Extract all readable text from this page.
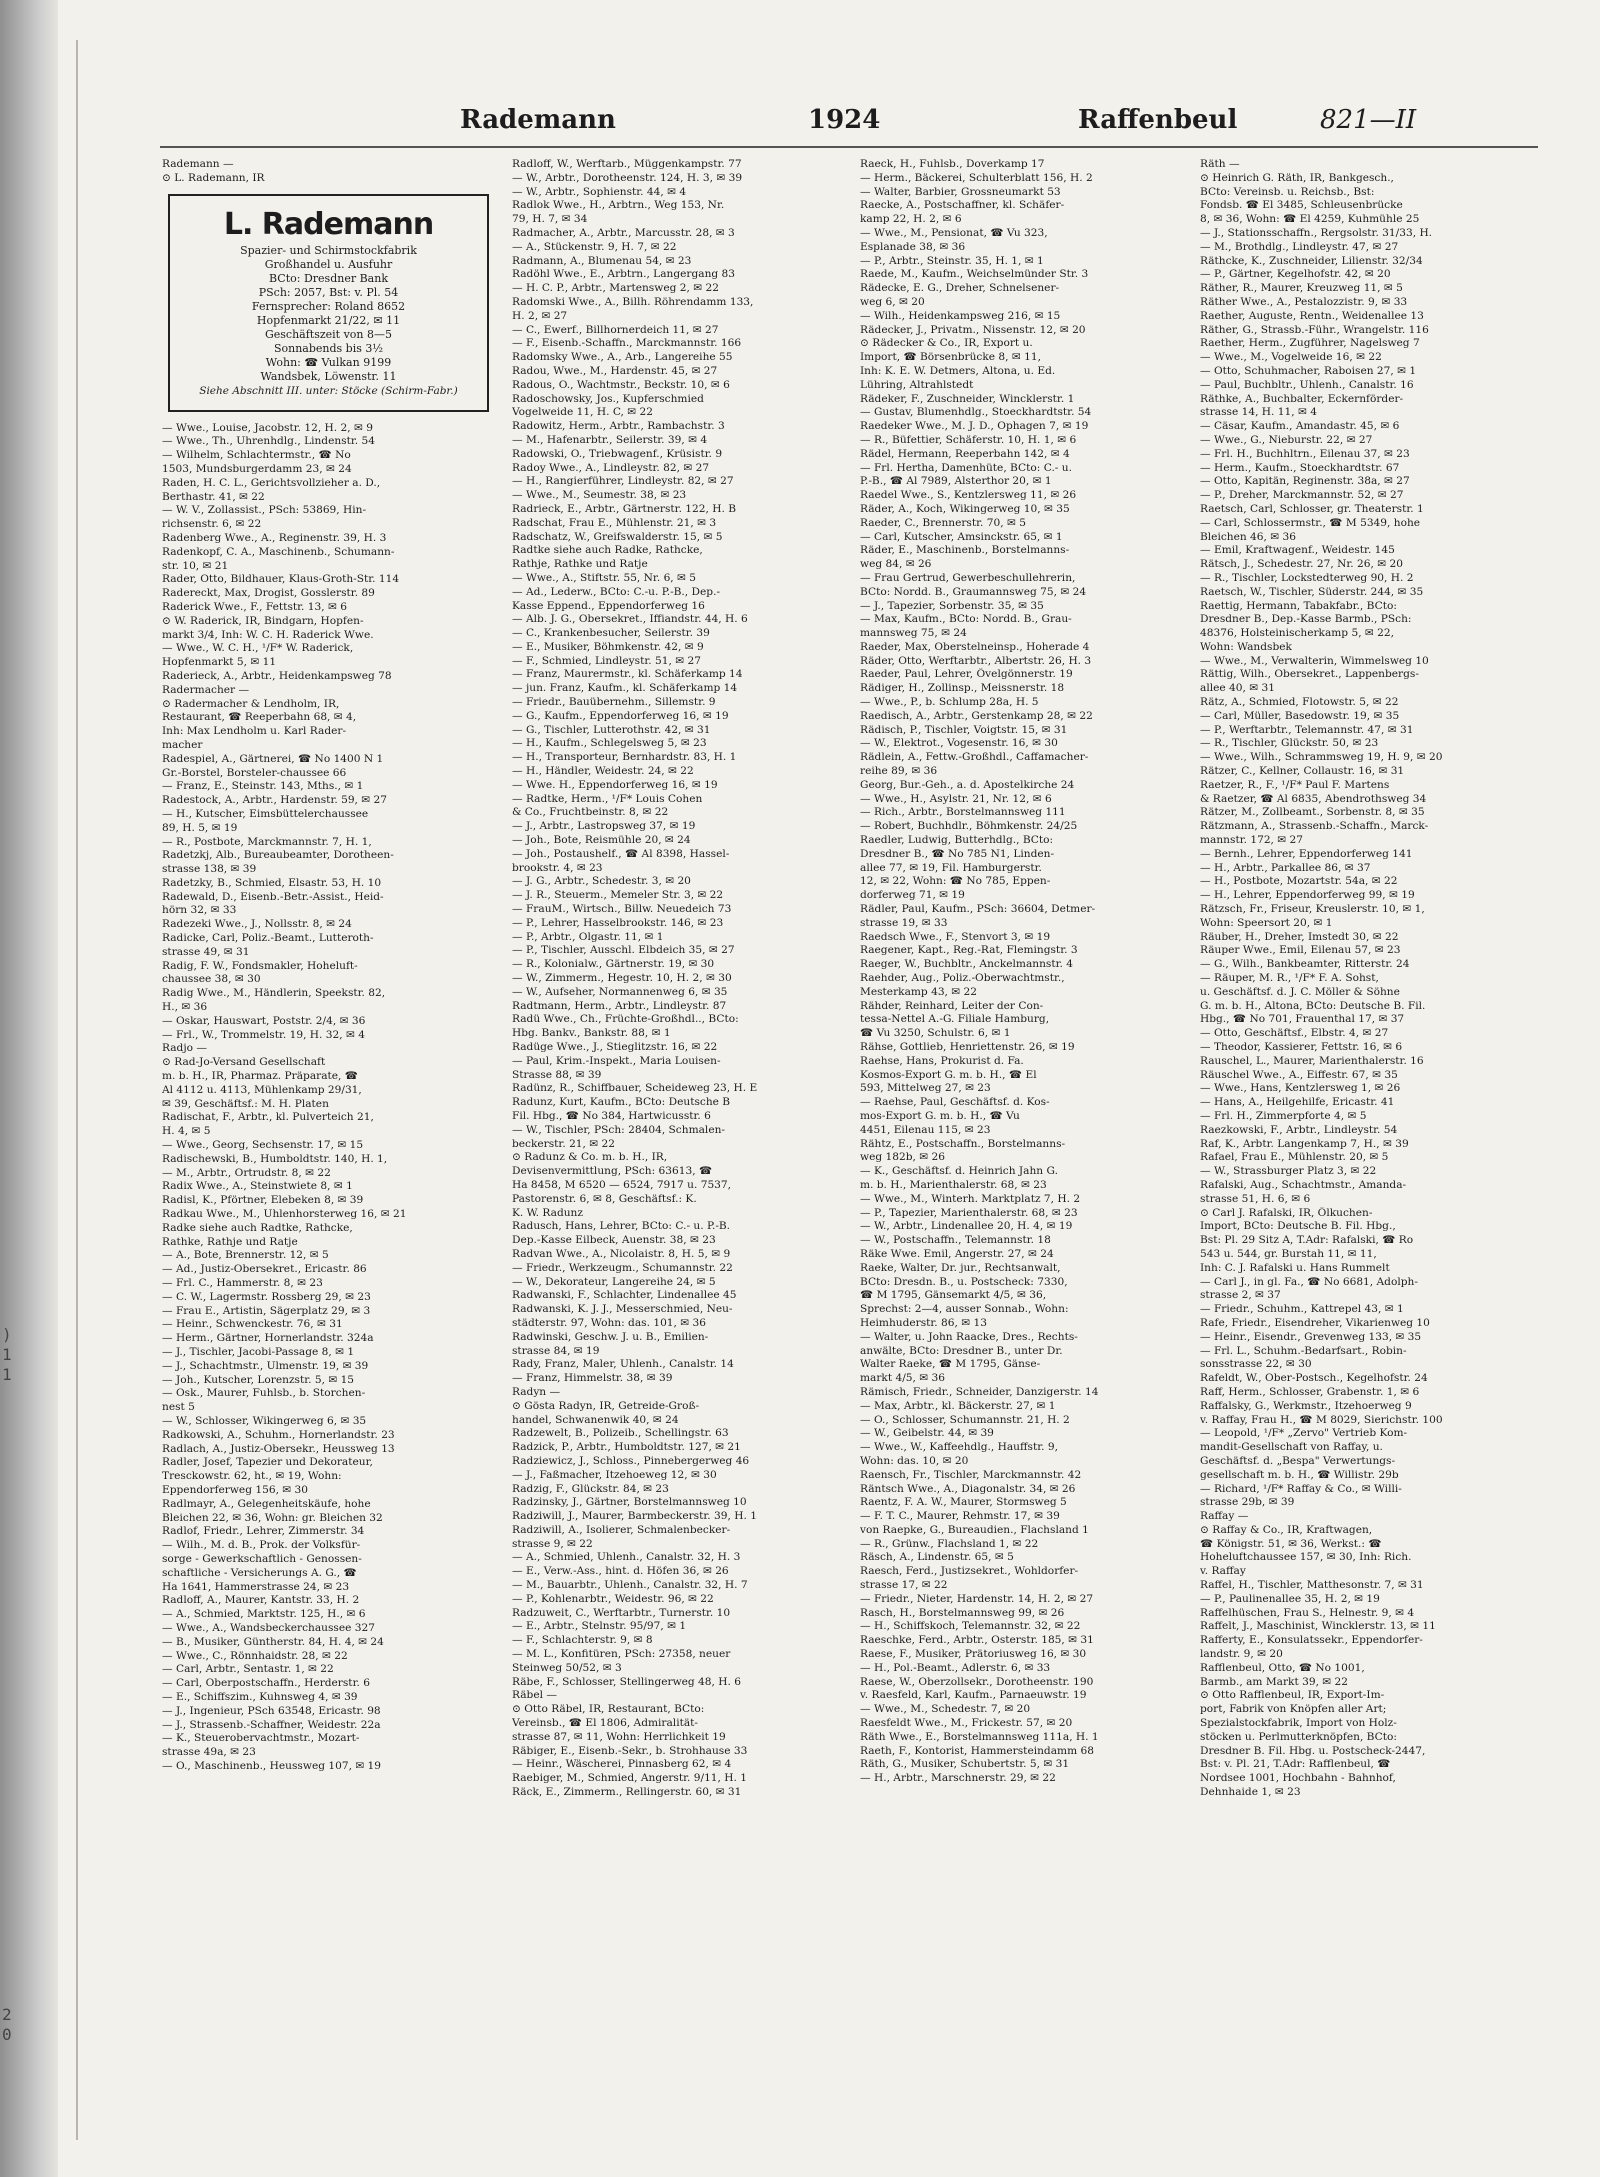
)
1
1
2
0
Rademann	1924	Raffenbeul	821—II

Rademann —

⊙ L. Rademann, IR

L. Rademann

Spazier- und Schirmstockfabrik

Großhandel u. Ausfuhr

BCto: Dresdner Bank

PSch: 2057, Bst: v. Pl. 54

Fernsprecher: Roland 8652

Hopfenmarkt 21/22, ✉ 11

Geschäftszeit von 8—5

Sonnabends bis 3½

Wohn: ☎ Vulkan 9199

Wandsbek, Löwenstr. 11

Siehe Abschnitt III. unter: Stöcke (Schirm-Fabr.)

— Wwe., Louise, Jacobstr. 12, H. 2, ✉ 9

— Wwe., Th., Uhrenhdlg., Lindenstr. 54

— Wilhelm, Schlachtermstr., ☎ No

1503, Mundsburgerdamm 23, ✉ 24

Raden, H. C. L., Gerichtsvollzieher a. D.,

Berthastr. 41, ✉ 22

— W. V., Zollassist., PSch: 53869, Hin-

richsenstr. 6, ✉ 22

Radenberg Wwe., A., Reginenstr. 39, H. 3

Radenkopf, C. A., Maschinenb., Schumann-

str. 10, ✉ 21

Rader, Otto, Bildhauer, Klaus-Groth-Str. 114

Radereckt, Max, Drogist, Gosslerstr. 89

Raderick Wwe., F., Fettstr. 13, ✉ 6

⊙ W. Raderick, IR, Bindgarn, Hopfen-

markt 3/4, Inh: W. C. H. Raderick Wwe.

— Wwe., W. C. H., ¹/F* W. Raderick,

Hopfenmarkt 5, ✉ 11

Raderieck, A., Arbtr., Heidenkampsweg 78

Radermacher —

⊙ Radermacher & Lendholm, IR,

Restaurant, ☎ Reeperbahn 68, ✉ 4,

Inh: Max Lendholm u. Karl Rader-

macher

Radespiel, A., Gärtnerei, ☎ No 1400 N 1

Gr.-Borstel, Borsteler-chaussee 66

— Franz, E., Steinstr. 143, Mths., ✉ 1

Radestock, A., Arbtr., Hardenstr. 59, ✉ 27

— H., Kutscher, Eimsbüttelerchaussee

89, H. 5, ✉ 19

— R., Postbote, Marckmannstr. 7, H. 1,

Radetzkj, Alb., Bureaubeamter, Dorotheen-

strasse 138, ✉ 39

Radetzky, B., Schmied, Elsastr. 53, H. 10

Radewald, D., Eisenb.-Betr.-Assist., Heid-

hörn 32, ✉ 33

Radezeki Wwe., J., Nollsstr. 8, ✉ 24

Radicke, Carl, Poliz.-Beamt., Lutteroth-

strasse 49, ✉ 31

Radig, F. W., Fondsmakler, Hoheluft-

chaussee 38, ✉ 30

Radig Wwe., M., Händlerin, Speekstr. 82,

H., ✉ 36

— Oskar, Hauswart, Poststr. 2/4, ✉ 36

— Frl., W., Trommelstr. 19, H. 32, ✉ 4

Radjo —

⊙ Rad-Jo-Versand Gesellschaft

m. b. H., IR, Pharmaz. Präparate, ☎

Al 4112 u. 4113, Mühlenkamp 29/31,

✉ 39, Geschäftsf.: M. H. Platen

Radischat, F., Arbtr., kl. Pulverteich 21,

H. 4, ✉ 5

— Wwe., Georg, Sechsenstr. 17, ✉ 15

Radischewski, B., Humboldtstr. 140, H. 1,

— M., Arbtr., Ortrudstr. 8, ✉ 22

Radix Wwe., A., Steinstwiete 8, ✉ 1

Radisl, K., Pförtner, Elebeken 8, ✉ 39

Radkau Wwe., M., Uhlenhorsterweg 16, ✉ 21

Radke siehe auch Radtke, Rathcke,

Rathke, Rathje und Ratje

— A., Bote, Brennerstr. 12, ✉ 5

— Ad., Justiz-Obersekret., Ericastr. 86

— Frl. C., Hammerstr. 8, ✉ 23

— C. W., Lagermstr. Rossberg 29, ✉ 23

— Frau E., Artistin, Sägerplatz 29, ✉ 3

— Heinr., Schwenckestr. 76, ✉ 31

— Herm., Gärtner, Hornerlandstr. 324a

— J., Tischler, Jacobi-Passage 8, ✉ 1

— J., Schachtmstr., Ulmenstr. 19, ✉ 39

— Joh., Kutscher, Lorenzstr. 5, ✉ 15

— Osk., Maurer, Fuhlsb., b. Storchen-

nest 5

— W., Schlosser, Wikingerweg 6, ✉ 35

Radkowski, A., Schuhm., Hornerlandstr. 23

Radlach, A., Justiz-Obersekr., Heussweg 13

Radler, Josef, Tapezier und Dekorateur,

Tresckowstr. 62, ht., ✉ 19, Wohn:

Eppendorferweg 156, ✉ 30

Radlmayr, A., Gelegenheitskäufe, hohe

Bleichen 22, ✉ 36, Wohn: gr. Bleichen 32

Radlof, Friedr., Lehrer, Zimmerstr. 34

— Wilh., M. d. B., Prok. der Volksfür-

sorge - Gewerkschaftlich - Genossen-

schaftliche - Versicherungs A. G., ☎

Ha 1641, Hammerstrasse 24, ✉ 23

Radloff, A., Maurer, Kantstr. 33, H. 2

— A., Schmied, Marktstr. 125, H., ✉ 6

— Wwe., A., Wandsbeckerchaussee 327

— B., Musiker, Güntherstr. 84, H. 4, ✉ 24

— Wwe., C., Rönnhaidstr. 28, ✉ 22

— Carl, Arbtr., Sentastr. 1, ✉ 22

— Carl, Oberpostschaffn., Herderstr. 6

— E., Schiffszim., Kuhnsweg 4, ✉ 39

— J., Ingenieur, PSch 63548, Ericastr. 98

— J., Strassenb.-Schaffner, Weidestr. 22a

— K., Steuerobervachtmstr., Mozart-

strasse 49a, ✉ 23

— O., Maschinenb., Heussweg 107, ✉ 19

Radloff, W., Werftarb., Müggenkampstr. 77

— W., Arbtr., Dorotheenstr. 124, H. 3, ✉ 39

— W., Arbtr., Sophienstr. 44, ✉ 4

Radlok Wwe., H., Arbtrn., Weg 153, Nr.

79, H. 7, ✉ 34

Radmacher, A., Arbtr., Marcusstr. 28, ✉ 3

— A., Stückenstr. 9, H. 7, ✉ 22

Radmann, A., Blumenau 54, ✉ 23

Radöhl Wwe., E., Arbtrn., Langergang 83

— H. C. P., Arbtr., Martensweg 2, ✉ 22

Radomski Wwe., A., Billh. Röhrendamm 133,

H. 2, ✉ 27

— C., Ewerf., Billhornerdeich 11, ✉ 27

— F., Eisenb.-Schaffn., Marckmannstr. 166

Radomsky Wwe., A., Arb., Langereihe 55

Radou, Wwe., M., Hardenstr. 45, ✉ 27

Radous, O., Wachtmstr., Beckstr. 10, ✉ 6

Radoschowsky, Jos., Kupferschmied

Vogelweide 11, H. C, ✉ 22

Radowitz, Herm., Arbtr., Rambachstr. 3

— M., Hafenarbtr., Seilerstr. 39, ✉ 4

Radowski, O., Triebwagenf., Krüsistr. 9

Radoy Wwe., A., Lindleystr. 82, ✉ 27

— H., Rangierführer, Lindleystr. 82, ✉ 27

— Wwe., M., Seumestr. 38, ✉ 23

Radrieck, E., Arbtr., Gärtnerstr. 122, H. B

Radschat, Frau E., Mühlenstr. 21, ✉ 3

Radschatz, W., Greifswalderstr. 15, ✉ 5

Radtke siehe auch Radke, Rathcke,

Rathje, Rathke und Ratje

— Wwe., A., Stiftstr. 55, Nr. 6, ✉ 5

— Ad., Lederw., BCto: C.-u. P.-B., Dep.-

Kasse Eppend., Eppendorferweg 16

— Alb. J. G., Obersekret., Iffiandstr. 44, H. 6

— C., Krankenbesucher, Seilerstr. 39

— E., Musiker, Böhmkenstr. 42, ✉ 9

— F., Schmied, Lindleystr. 51, ✉ 27

— Franz, Maurermstr., kl. Schäferkamp 14

— jun. Franz, Kaufm., kl. Schäferkamp 14

— Friedr., Bauübernehm., Sillemstr. 9

— G., Kaufm., Eppendorferweg 16, ✉ 19

— G., Tischler, Lutterothstr. 42, ✉ 31

— H., Kaufm., Schlegelsweg 5, ✉ 23

— H., Transporteur, Bernhardstr. 83, H. 1

— H., Händler, Weidestr. 24, ✉ 22

— Wwe. H., Eppendorferweg 16, ✉ 19

— Radtke, Herm., ¹/F* Louis Cohen

& Co., Fruchtbeinstr. 8, ✉ 22

— J., Arbtr., Lastropsweg 37, ✉ 19

— Joh., Bote, Reismühle 20, ✉ 24

— Joh., Postaushelf., ☎ Al 8398, Hassel-

brookstr. 4, ✉ 23

— J. G., Arbtr., Schedestr. 3, ✉ 20

— J. R., Steuerm., Memeler Str. 3, ✉ 22

— FrauM., Wirtsch., Billw. Neuedeich 73

— P., Lehrer, Hasselbrookstr. 146, ✉ 23

— P., Arbtr., Olgastr. 11, ✉ 1

— P., Tischler, Ausschl. Elbdeich 35, ✉ 27

— R., Kolonialw., Gärtnerstr. 19, ✉ 30

— W., Zimmerm., Hegestr. 10, H. 2, ✉ 30

— W., Aufseher, Normannenweg 6, ✉ 35

Radtmann, Herm., Arbtr., Lindleystr. 87

Radü Wwe., Ch., Früchte-Großhdl.., BCto:

Hbg. Bankv., Bankstr. 88, ✉ 1

Radüge Wwe., J., Stieglitzstr. 16, ✉ 22

— Paul, Krim.-Inspekt., Maria Louisen-

Strasse 88, ✉ 39

Radünz, R., Schiffbauer, Scheideweg 23, H. E

Radunz, Kurt, Kaufm., BCto: Deutsche B

Fil. Hbg., ☎ No 384, Hartwicusstr. 6

— W., Tischler, PSch: 28404, Schmalen-

beckerstr. 21, ✉ 22

⊙ Radunz & Co. m. b. H., IR,

Devisenvermittlung, PSch: 63613, ☎

Ha 8458, M 6520 — 6524, 7917 u. 7537,

Pastorenstr. 6, ✉ 8, Geschäftsf.: K.

K. W. Radunz

Radusch, Hans, Lehrer, BCto: C.- u. P.-B.

Dep.-Kasse Eilbeck, Auenstr. 38, ✉ 23

Radvan Wwe., A., Nicolaistr. 8, H. 5, ✉ 9

— Friedr., Werkzeugm., Schumannstr. 22

— W., Dekorateur, Langereihe 24, ✉ 5

Radwanski, F., Schlachter, Lindenallee 45

Radwanski, K. J. J., Messerschmied, Neu-

städterstr. 97, Wohn: das. 101, ✉ 36

Radwinski, Geschw. J. u. B., Emilien-

strasse 84, ✉ 19

Rady, Franz, Maler, Uhlenh., Canalstr. 14

— Franz, Himmelstr. 38, ✉ 39

Radyn —

⊙ Gösta Radyn, IR, Getreide-Groß-

handel, Schwanenwik 40, ✉ 24

Radzewelt, B., Polizeib., Schellingstr. 63

Radzick, P., Arbtr., Humboldtstr. 127, ✉ 21

Radziewicz, J., Schloss., Pinnebergerweg 46

— J., Faßmacher, Itzehoeweg 12, ✉ 30

Radzig, F., Glückstr. 84, ✉ 23

Radzinsky, J., Gärtner, Borstelmannsweg 10

Radziwill, J., Maurer, Barmbeckerstr. 39, H. 1

Radziwill, A., Isolierer, Schmalenbecker-

strasse 9, ✉ 22

— A., Schmied, Uhlenh., Canalstr. 32, H. 3

— E., Verw.-Ass., hint. d. Höfen 36, ✉ 26

— M., Bauarbtr., Uhlenh., Canalstr. 32, H. 7

— P., Kohlenarbtr., Weidestr. 96, ✉ 22

Radzuweit, C., Werftarbtr., Turnerstr. 10

— E., Arbtr., Stelnstr. 95/97, ✉ 1

— F., Schlachterstr. 9, ✉ 8

— M. L., Konfitüren, PSch: 27358, neuer

Steinweg 50/52, ✉ 3

Räbe, F., Schlosser, Stellingerweg 48, H. 6

Räbel —

⊙ Otto Räbel, IR, Restaurant, BCto:

Vereinsb., ☎ El 1806, Admiralität-

strasse 87, ✉ 11, Wohn: Herrlichkeit 19

Räbiger, E., Eisenb.-Sekr., b. Strohhause 33

— Heinr., Wäscherei, Pinnasberg 62, ✉ 4

Raebiger, M., Schmied, Angerstr. 9/11, H. 1

Räck, E., Zimmerm., Rellingerstr. 60, ✉ 31

Raeck, H., Fuhlsb., Doverkamp 17

— Herm., Bäckerei, Schulterblatt 156, H. 2

— Walter, Barbier, Grossneumarkt 53

Raecke, A., Postschaffner, kl. Schäfer-

kamp 22, H. 2, ✉ 6

— Wwe., M., Pensionat, ☎ Vu 323,

Esplanade 38, ✉ 36

— P., Arbtr., Steinstr. 35, H. 1, ✉ 1

Raede, M., Kaufm., Weichselmünder Str. 3

Rädecke, E. G., Dreher, Schnelsener-

weg 6, ✉ 20

— Wilh., Heidenkampsweg 216, ✉ 15

Rädecker, J., Privatm., Nissenstr. 12, ✉ 20

⊙ Rädecker & Co., IR, Export u.

Import, ☎ Börsenbrücke 8, ✉ 11,

Inh: K. E. W. Detmers, Altona, u. Ed.

Lühring, Altrahlstedt

Rädeker, F., Zuschneider, Wincklerstr. 1

— Gustav, Blumenhdlg., Stoeckhardtstr. 54

Raedeker Wwe., M. J. D., Ophagen 7, ✉ 19

— R., Büfettier, Schäferstr. 10, H. 1, ✉ 6

Rädel, Hermann, Reeperbahn 142, ✉ 4

— Frl. Hertha, Damenhüte, BCto: C.- u.

P.-B., ☎ Al 7989, Alsterthor 20, ✉ 1

Raedel Wwe., S., Kentzlersweg 11, ✉ 26

Räder, A., Koch, Wikingerweg 10, ✉ 35

Raeder, C., Brennerstr. 70, ✉ 5

— Carl, Kutscher, Amsinckstr. 65, ✉ 1

Räder, E., Maschinenb., Borstelmanns-

weg 84, ✉ 26

— Frau Gertrud, Gewerbeschullehrerin,

BCto: Nordd. B., Graumannsweg 75, ✉ 24

— J., Tapezier, Sorbenstr. 35, ✉ 35

— Max, Kaufm., BCto: Nordd. B., Grau-

mannsweg 75, ✉ 24

Raeder, Max, Oberstelneinsp., Hoherade 4

Räder, Otto, Werftarbtr., Albertstr. 26, H. 3

Raeder, Paul, Lehrer, Övelgönnerstr. 19

Rädiger, H., Zollinsp., Meissnerstr. 18

— Wwe., P., b. Schlump 28a, H. 5

Raedisch, A., Arbtr., Gerstenkamp 28, ✉ 22

Rädisch, P., Tischler, Voigtstr. 15, ✉ 31

— W., Elektrot., Vogesenstr. 16, ✉ 30

Rädlein, A., Fettw.-Großhdl., Caffamacher-

reihe 89, ✉ 36

Georg, Bur.-Geh., a. d. Apostelkirche 24

— Wwe., H., Asylstr. 21, Nr. 12, ✉ 6

— Rich., Arbtr., Borstelmannsweg 111

— Robert, Buchhdlr., Böhmkenstr. 24/25

Raedler, Ludwig, Butterhdlg., BCto:

Dresdner B., ☎ No 785 N1, Linden-

allee 77, ✉ 19, Fil. Hamburgerstr.

12, ✉ 22, Wohn: ☎ No 785, Eppen-

dorferweg 71, ✉ 19

Rädler, Paul, Kaufm., PSch: 36604, Detmer-

strasse 19, ✉ 33

Raedsch Wwe., F., Stenvort 3, ✉ 19

Raegener, Kapt., Reg.-Rat, Flemingstr. 3

Raeger, W., Buchbltr., Anckelmannstr. 4

Raehder, Aug., Poliz.-Oberwachtmstr.,

Mesterkamp 43, ✉ 22

Rähder, Reinhard, Leiter der Con-

tessa-Nettel A.-G. Filiale Hamburg,

☎ Vu 3250, Schulstr. 6, ✉ 1

Rähse, Gottlieb, Henriettenstr. 26, ✉ 19

Raehse, Hans, Prokurist d. Fa.

Kosmos-Export G. m. b. H., ☎ El

593, Mittelweg 27, ✉ 23

— Raehse, Paul, Geschäftsf. d. Kos-

mos-Export G. m. b. H., ☎ Vu

4451, Eilenau 115, ✉ 23

Rähtz, E., Postschaffn., Borstelmanns-

weg 182b, ✉ 26

— K., Geschäftsf. d. Heinrich Jahn G.

m. b. H., Marienthalerstr. 68, ✉ 23

— Wwe., M., Winterh. Marktplatz 7, H. 2

— P., Tapezier, Marienthalerstr. 68, ✉ 23

— W., Arbtr., Lindenallee 20, H. 4, ✉ 19

— W., Postschaffn., Telemannstr. 18

Räke Wwe. Emil, Angerstr. 27, ✉ 24

Raeke, Walter, Dr. jur., Rechtsanwalt,

BCto: Dresdn. B., u. Postscheck: 7330,

☎ M 1795, Gänsemarkt 4/5, ✉ 36,

Sprechst: 2—4, ausser Sonnab., Wohn:

Heimhuderstr. 86, ✉ 13

— Walter, u. John Raacke, Dres., Rechts-

anwälte, BCto: Dresdner B., unter Dr.

Walter Raeke, ☎ M 1795, Gänse-

markt 4/5, ✉ 36

Rämisch, Friedr., Schneider, Danzigerstr. 14

— Max, Arbtr., kl. Bäckerstr. 27, ✉ 1

— O., Schlosser, Schumannstr. 21, H. 2

— W., Geibelstr. 44, ✉ 39

— Wwe., W., Kaffeehdlg., Hauffstr. 9,

Wohn: das. 10, ✉ 20

Raensch, Fr., Tischler, Marckmannstr. 42

Räntsch Wwe., A., Diagonalstr. 34, ✉ 26

Raentz, F. A. W., Maurer, Stormsweg 5

— F. T. C., Maurer, Rehmstr. 17, ✉ 39

von Raepke, G., Bureaudien., Flachsland 1

— R., Grünw., Flachsland 1, ✉ 22

Räsch, A., Lindenstr. 65, ✉ 5

Raesch, Ferd., Justizsekret., Wohldorfer-

strasse 17, ✉ 22

— Friedr., Nieter, Hardenstr. 14, H. 2, ✉ 27

Rasch, H., Borstelmannsweg 99, ✉ 26

— H., Schiffskoch, Telemannstr. 32, ✉ 22

Raeschke, Ferd., Arbtr., Osterstr. 185, ✉ 31

Raese, F., Musiker, Prätoriusweg 16, ✉ 30

— H., Pol.-Beamt., Adlerstr. 6, ✉ 33

Raese, W., Oberzollsekr., Dorotheenstr. 190

v. Raesfeld, Karl, Kaufm., Parnaeuwstr. 19

— Wwe., M., Schedestr. 7, ✉ 20

Raesfeldt Wwe., M., Frickestr. 57, ✉ 20

Räth Wwe., E., Borstelmannsweg 111a, H. 1

Raeth, F., Kontorist, Hammersteindamm 68

Räth, G., Musiker, Schubertstr. 5, ✉ 31

— H., Arbtr., Marschnerstr. 29, ✉ 22

Räth —

⊙ Heinrich G. Räth, IR, Bankgesch.,

BCto: Vereinsb. u. Reichsb., Bst:

Fondsb. ☎ El 3485, Schleusenbrücke

8, ✉ 36, Wohn: ☎ El 4259, Kuhmühle 25

— J., Stationsschaffn., Rergsolstr. 31/33, H.

— M., Brothdlg., Lindleystr. 47, ✉ 27

Räthcke, K., Zuschneider, Lilienstr. 32/34

— P., Gärtner, Kegelhofstr. 42, ✉ 20

Räther, R., Maurer, Kreuzweg 11, ✉ 5

Räther Wwe., A., Pestalozzistr. 9, ✉ 33

Raether, Auguste, Rentn., Weidenallee 13

Räther, G., Strassb.-Führ., Wrangelstr. 116

Raether, Herm., Zugführer, Nagelsweg 7

— Wwe., M., Vogelweide 16, ✉ 22

— Otto, Schuhmacher, Raboisen 27, ✉ 1

— Paul, Buchbltr., Uhlenh., Canalstr. 16

Räthke, A., Buchbalter, Eckernförder-

strasse 14, H. 11, ✉ 4

— Cäsar, Kaufm., Amandastr. 45, ✉ 6

— Wwe., G., Nieburstr. 22, ✉ 27

— Frl. H., Buchhltrn., Eilenau 37, ✉ 23

— Herm., Kaufm., Stoeckhardtstr. 67

— Otto, Kapitän, Reginenstr. 38a, ✉ 27

— P., Dreher, Marckmannstr. 52, ✉ 27

Raetsch, Carl, Schlosser, gr. Theaterstr. 1

— Carl, Schlossermstr., ☎ M 5349, hohe

Bleichen 46, ✉ 36

— Emil, Kraftwagenf., Weidestr. 145

Rätsch, J., Schedestr. 27, Nr. 26, ✉ 20

— R., Tischler, Lockstedterweg 90, H. 2

Raetsch, W., Tischler, Süderstr. 244, ✉ 35

Raettig, Hermann, Tabakfabr., BCto:

Dresdner B., Dep.-Kasse Barmb., PSch:

48376, Holsteinischerkamp 5, ✉ 22,

Wohn: Wandsbek

— Wwe., M., Verwalterin, Wimmelsweg 10

Rättig, Wilh., Obersekret., Lappenbergs-

allee 40, ✉ 31

Rätz, A., Schmied, Flotowstr. 5, ✉ 22

— Carl, Müller, Basedowstr. 19, ✉ 35

— P., Werftarbtr., Telemannstr. 47, ✉ 31

— R., Tischler, Glückstr. 50, ✉ 23

— Wwe., Wilh., Schrammsweg 19, H. 9, ✉ 20

Rätzer, C., Kellner, Collaustr. 16, ✉ 31

Raetzer, R., F., ¹/F* Paul F. Martens

& Raetzer, ☎ Al 6835, Abendrothsweg 34

Rätzer, M., Zollbeamt., Sorbenstr. 8, ✉ 35

Rätzmann, A., Strassenb.-Schaffn., Marck-

mannstr. 172, ✉ 27

— Bernh., Lehrer, Eppendorferweg 141

— H., Arbtr., Parkallee 86, ✉ 37

— H., Postbote, Mozartstr. 54a, ✉ 22

— H., Lehrer, Eppendorferweg 99, ✉ 19

Rätzsch, Fr., Friseur, Kreuslerstr. 10, ✉ 1,

Wohn: Speersort 20, ✉ 1

Räuber, H., Dreher, Imstedt 30, ✉ 22

Räuper Wwe., Emil, Eilenau 57, ✉ 23

— G., Wilh., Bankbeamter, Ritterstr. 24

— Räuper, M. R., ¹/F* F. A. Sohst,

u. Geschäftsf. d. J. C. Möller & Söhne

G. m. b. H., Altona, BCto: Deutsche B. Fil.

Hbg., ☎ No 701, Frauenthal 17, ✉ 37

— Otto, Geschäftsf., Elbstr. 4, ✉ 27

— Theodor, Kassierer, Fettstr. 16, ✉ 6

Rauschel, L., Maurer, Marienthalerstr. 16

Räuschel Wwe., A., Eiffestr. 67, ✉ 35

— Wwe., Hans, Kentzlersweg 1, ✉ 26

— Hans, A., Heilgehilfe, Ericastr. 41

— Frl. H., Zimmerpforte 4, ✉ 5

Raezkowski, F., Arbtr., Lindleystr. 54

Raf, K., Arbtr. Langenkamp 7, H., ✉ 39

Rafael, Frau E., Mühlenstr. 20, ✉ 5

— W., Strassburger Platz 3, ✉ 22

Rafalski, Aug., Schachtmstr., Amanda-

strasse 51, H. 6, ✉ 6

⊙ Carl J. Rafalski, IR, Ölkuchen-

Import, BCto: Deutsche B. Fil. Hbg.,

Bst: Pl. 29 Sitz A, T.Adr: Rafalski, ☎ Ro

543 u. 544, gr. Burstah 11, ✉ 11,

Inh: C. J. Rafalski u. Hans Rummelt

— Carl J., in gl. Fa., ☎ No 6681, Adolph-

strasse 2, ✉ 37

— Friedr., Schuhm., Kattrepel 43, ✉ 1

Rafe, Friedr., Eisendreher, Vikarienweg 10

— Heinr., Eisendr., Grevenweg 133, ✉ 35

— Frl. L., Schuhm.-Bedarfsart., Robin-

sonsstrasse 22, ✉ 30

Rafeldt, W., Ober-Postsch., Kegelhofstr. 24

Raff, Herm., Schlosser, Grabenstr. 1, ✉ 6

Raffalsky, G., Werkmstr., Itzehoerweg 9

v. Raffay, Frau H., ☎ M 8029, Sierichstr. 100

— Leopold, ¹/F* „Zervo" Vertrieb Kom-

mandit-Gesellschaft von Raffay, u.

Geschäftsf. d. „Bespa" Verwertungs-

gesellschaft m. b. H., ☎ Willistr. 29b

— Richard, ¹/F* Raffay & Co., ✉ Willi-

strasse 29b, ✉ 39

Raffay —

⊙ Raffay & Co., IR, Kraftwagen,

☎ Königstr. 51, ✉ 36, Werkst.: ☎

Hoheluftchaussee 157, ✉ 30, Inh: Rich.

v. Raffay

Raffel, H., Tischler, Matthesonstr. 7, ✉ 31

— P., Paulinenallee 35, H. 2, ✉ 19

Raffelhüschen, Frau S., Helnestr. 9, ✉ 4

Raffelt, J., Maschinist, Wincklerstr. 13, ✉ 11

Rafferty, E., Konsulatssekr., Eppendorfer-

landstr. 9, ✉ 20

Rafflenbeul, Otto, ☎ No 1001,

Barmb., am Markt 39, ✉ 22

⊙ Otto Rafflenbeul, IR, Export-Im-

port, Fabrik von Knöpfen aller Art;

Spezialstockfabrik, Import von Holz-

stöcken u. Perlmutterknöpfen, BCto:

Dresdner B. Fil. Hbg. u. Postscheck-2447,

Bst: v. Pl. 21, T.Adr: Rafflenbeul, ☎

Nordsee 1001, Hochbahn - Bahnhof,

Dehnhaide 1, ✉ 23
